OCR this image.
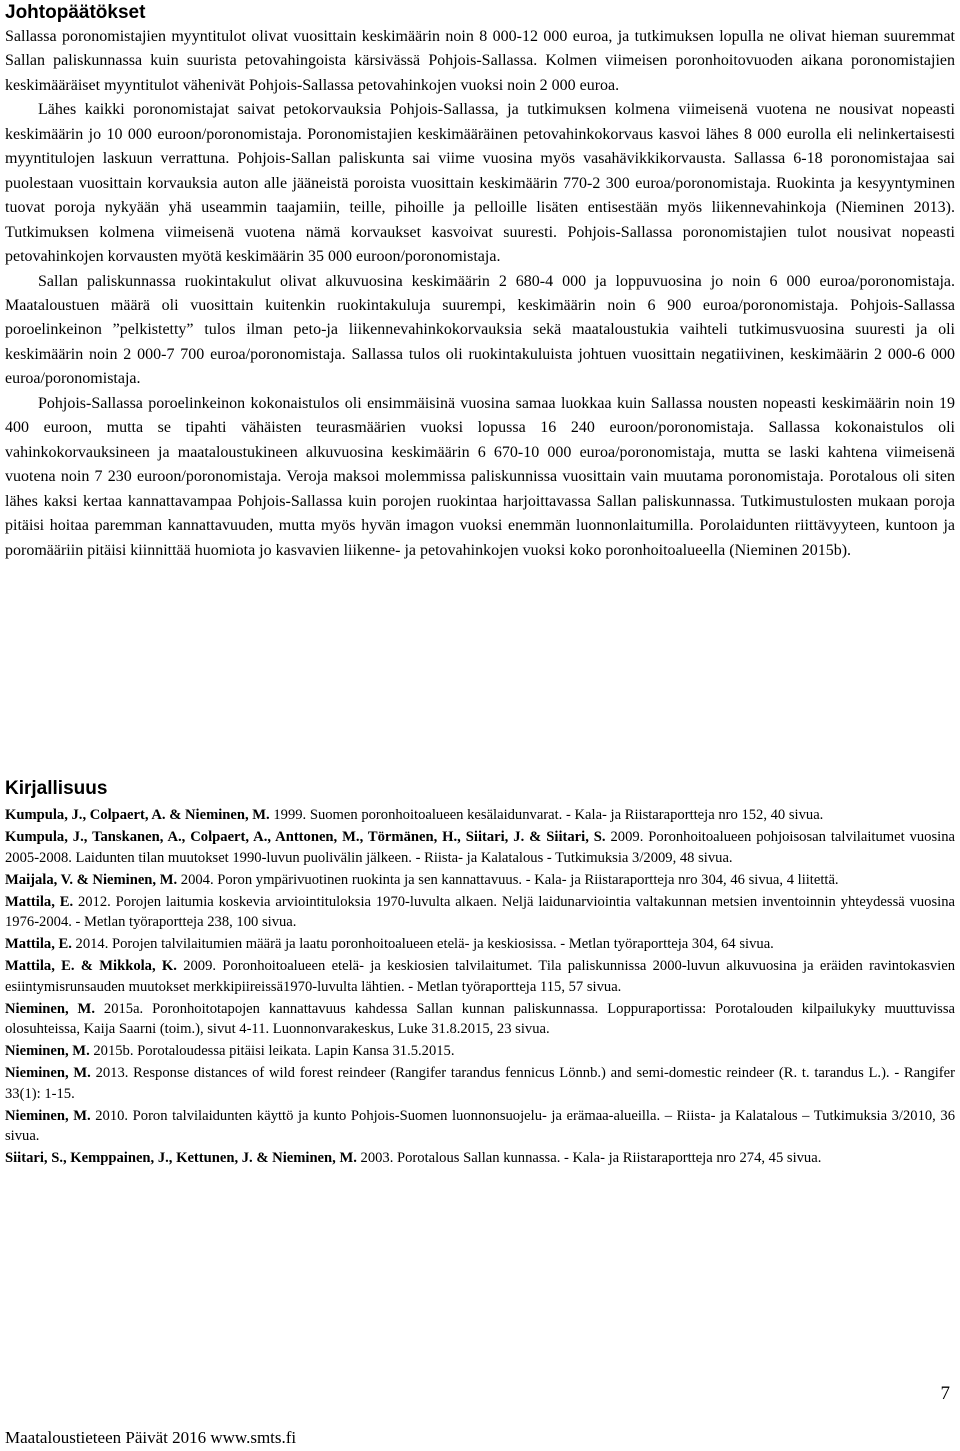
Johtopäätökset

Sallassa poronomistajien myyntitulot olivat vuosittain keskimäärin noin 8 000-12 000 euroa, ja tutkimuksen lopulla ne olivat hieman suuremmat Sallan paliskunnassa kuin suurista petovahingoista kärsivässä Pohjois-Sallassa. Kolmen viimeisen poronhoitovuoden aikana poronomistajien keskimääräiset myyntitulot vähenivät Pohjois-Sallassa petovahinkojen vuoksi noin 2 000 euroa.

Lähes kaikki poronomistajat saivat petokorvauksia Pohjois-Sallassa, ja tutkimuksen kolmena viimeisenä vuotena ne nousivat nopeasti keskimäärin jo 10 000 euroon/poronomistaja. Poronomistajien keskimääräinen petovahinkokorvaus kasvoi lähes 8 000 eurolla eli nelinkertaisesti myyntitulojen laskuun verrattuna. Pohjois-Sallan paliskunta sai viime vuosina myös vasahävikkikorvausta. Sallassa 6-18 poronomistajaa sai puolestaan vuosittain korvauksia auton alle jääneistä poroista vuosittain keskimäärin 770-2 300 euroa/poronomistaja. Ruokinta ja kesyyntyminen tuovat poroja nykyään yhä useammin taajamiin, teille, pihoille ja pelloille lisäten entisestään myös liikennevahinkoja (Nieminen 2013). Tutkimuksen kolmena viimeisenä vuotena nämä korvaukset kasvoivat suuresti. Pohjois-Sallassa poronomistajien tulot nousivat nopeasti petovahinkojen korvausten myötä keskimäärin 35 000 euroon/poronomistaja.

Sallan paliskunnassa ruokintakulut olivat alkuvuosina keskimäärin 2 680-4 000 ja loppuvuosina jo noin 6 000 euroa/poronomistaja. Maataloustuen määrä oli vuosittain kuitenkin ruokintakuluja suurempi, keskimäärin noin 6 900 euroa/poronomistaja. Pohjois-Sallassa poroelinkeinon ”pelkistetty” tulos ilman peto-ja liikennevahinkokorvauksia sekä maataloustukia vaihteli tutkimusvuosina suuresti ja oli keskimäärin noin 2 000-7 700 euroa/poronomistaja. Sallassa tulos oli ruokintakuluista johtuen vuosittain negatiivinen, keskimäärin 2 000-6 000 euroa/poronomistaja.

Pohjois-Sallassa poroelinkeinon kokonaistulos oli ensimmäisinä vuosina samaa luokkaa kuin Sallassa nousten nopeasti keskimäärin noin 19 400 euroon, mutta se tipahti vähäisten teurasmäärien vuoksi lopussa 16 240 euroon/poronomistaja. Sallassa kokonaistulos oli vahinkokorvauksineen ja maataloustukineen alkuvuosina keskimäärin 6 670-10 000 euroa/poronomistaja, mutta se laski kahtena viimeisenä vuotena noin 7 230 euroon/poronomistaja. Veroja maksoi molemmissa paliskunnissa vuosittain vain muutama poronomistaja. Porotalous oli siten lähes kaksi kertaa kannattavampaa Pohjois-Sallassa kuin porojen ruokintaa harjoittavassa Sallan paliskunnassa. Tutkimustulosten mukaan poroja pitäisi hoitaa paremman kannattavuuden, mutta myös hyvän imagon vuoksi enemmän luonnonlaitumilla. Porolaidunten riittävyyteen, kuntoon ja poromääriin pitäisi kiinnittää huomiota jo kasvavien liikenne- ja petovahinkojen vuoksi koko poronhoitoalueella (Nieminen 2015b).

Kirjallisuus

Kumpula, J., Colpaert, A. & Nieminen, M. 1999. Suomen poronhoitoalueen kesälaidunvarat. - Kala- ja Riistaraportteja nro 152, 40 sivua.

Kumpula, J., Tanskanen, A., Colpaert, A., Anttonen, M., Törmänen, H., Siitari, J. & Siitari, S. 2009. Poronhoitoalueen pohjoisosan talvilaitumet vuosina 2005-2008. Laidunten tilan muutokset 1990-luvun puolivälin jälkeen. - Riista- ja Kalatalous - Tutkimuksia 3/2009, 48 sivua.

Maijala, V. & Nieminen, M. 2004. Poron ympärivuotinen ruokinta ja sen kannattavuus. - Kala- ja Riistaraportteja nro 304, 46 sivua, 4 liitettä.

Mattila, E. 2012. Porojen laitumia koskevia arviointituloksia 1970-luvulta alkaen. Neljä laidunarviointia valtakunnan metsien inventoinnin yhteydessä vuosina 1976-2004. - Metlan työraportteja 238, 100 sivua.

Mattila, E. 2014. Porojen talvilaitumien määrä ja laatu poronhoitoalueen etelä- ja keskiosissa. - Metlan työraportteja 304, 64 sivua.

Mattila, E. & Mikkola, K. 2009. Poronhoitoalueen etelä- ja keskiosien talvilaitumet. Tila paliskunnissa 2000-luvun alkuvuosina ja eräiden ravintokasvien esiintymisrunsauden muutokset merkkipiireissä1970-luvulta lähtien. - Metlan työraportteja 115, 57 sivua.

Nieminen, M. 2015a. Poronhoitotapojen kannattavuus kahdessa Sallan kunnan paliskunnassa. Loppuraportissa: Porotalouden kilpailukyky muuttuvissa olosuhteissa, Kaija Saarni (toim.), sivut 4-11. Luonnonvarakeskus, Luke 31.8.2015, 23 sivua.

Nieminen, M. 2015b. Porotaloudessa pitäisi leikata. Lapin Kansa 31.5.2015.

Nieminen, M. 2013. Response distances of wild forest reindeer (Rangifer tarandus fennicus Lönnb.) and semi-domestic reindeer (R. t. tarandus L.). - Rangifer 33(1): 1-15.

Nieminen, M. 2010. Poron talvilaidunten käyttö ja kunto Pohjois-Suomen luonnonsuojelu- ja erämaa-alueilla. – Riista- ja Kalatalous – Tutkimuksia 3/2010, 36 sivua.

Siitari, S., Kemppainen, J., Kettunen, J. & Nieminen, M. 2003. Porotalous Sallan kunnassa. - Kala- ja Riistaraportteja nro 274, 45 sivua.

7
Maataloustieteen Päivät 2016 www.smts.fi
